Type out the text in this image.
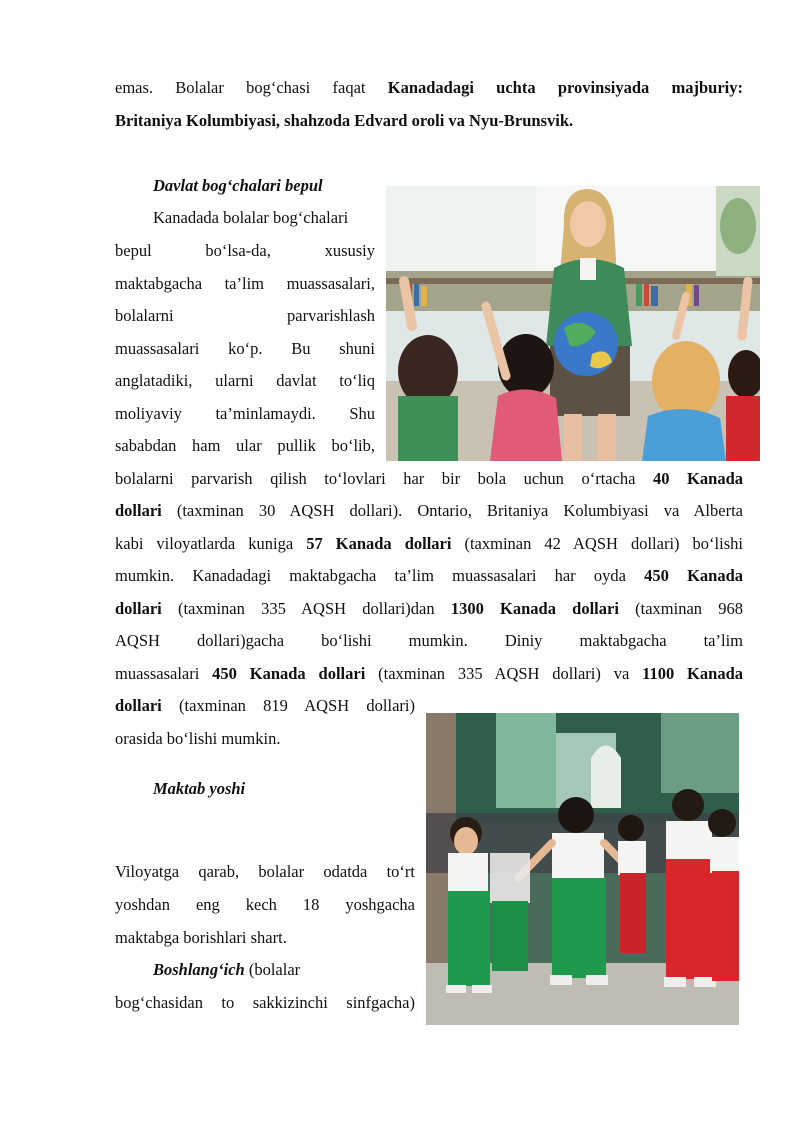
emas. Bolalar bog‘chasi faqat Kanadadagi uchta provinsiyada majburiy:
Britaniya Kolumbiyasi, shahzoda Edvard oroli va Nyu-Brunsvik.
Davlat bog‘chalari bepul
Kanadada bolalar bog‘chalari
bepul bo‘lsa-da, xususiy
maktabgacha ta’lim muassasalari,
bolalarni parvarishlash
muassasalari ko‘p. Bu shuni
anglatadiki, ularni davlat to‘liq
moliyaviy ta’minlamaydi. Shu
sababdan ham ular pullik bo‘lib,
bolalarni parvarish qilish to‘lovlari har bir bola uchun o‘rtacha 40 Kanada
dollari (taxminan 30 AQSH dollari). Ontario, Britaniya Kolumbiyasi va Alberta
kabi viloyatlarda kuniga 57 Kanada dollari (taxminan 42 AQSH dollari) bo‘lishi
mumkin. Kanadadagi maktabgacha ta’lim muassasalari har oyda 450 Kanada
dollari (taxminan 335 AQSH dollari)dan 1300 Kanada dollari (taxminan 968
AQSH dollari)gacha bo‘lishi mumkin. Diniy maktabgacha ta’lim
muassasalari 450 Kanada dollari (taxminan 335 AQSH dollari) va 1100 Kanada
dollari (taxminan 819 AQSH dollari)
orasida bo‘lishi mumkin.
Maktab yoshi
Viloyatga qarab, bolalar odatda to‘rt
yoshdan eng kech 18 yoshgacha
maktabga borishlari shart.
Boshlang‘ich (bolalar
bog‘chasidan to sakkizinchi sinfgacha)
